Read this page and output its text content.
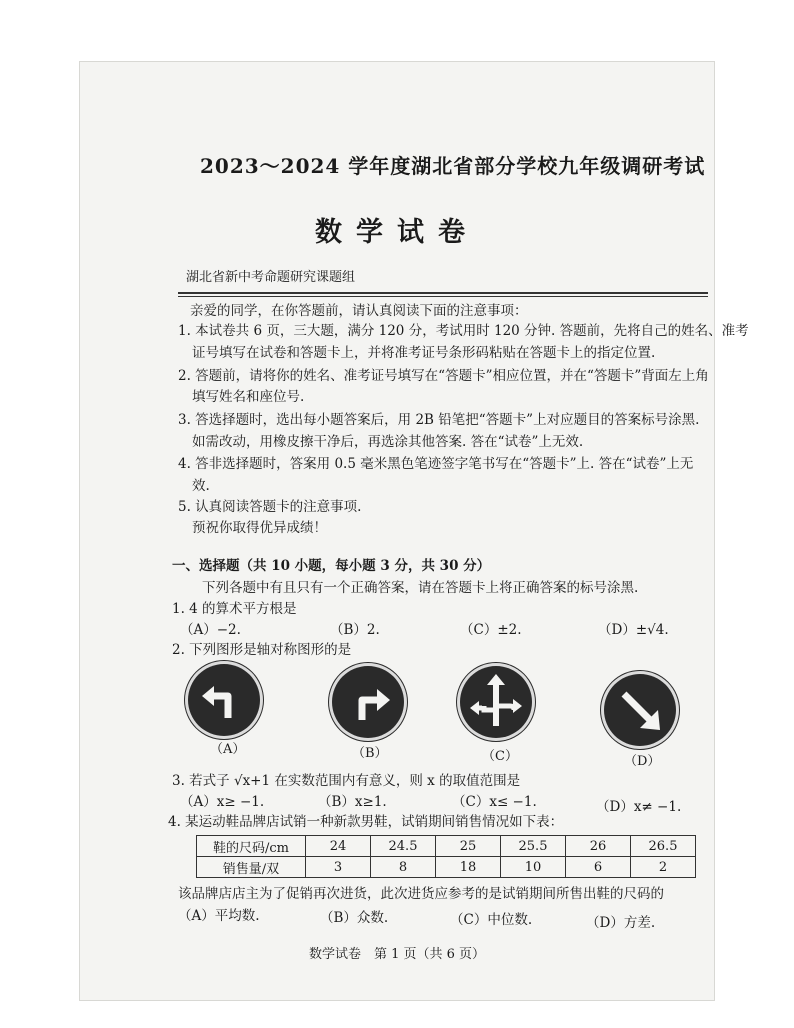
2023～2024 学年度湖北省部分学校九年级调研考试
数学试卷
湖北省新中考命题研究课题组
亲爱的同学，在你答题前，请认真阅读下面的注意事项：
1. 本试卷共 6 页，三大题，满分 120 分，考试用时 120 分钟. 答题前，先将自己的姓名、准考
证号填写在试卷和答题卡上，并将准考证号条形码粘贴在答题卡上的指定位置.
2. 答题前，请将你的姓名、准考证号填写在“答题卡”相应位置，并在“答题卡”背面左上角
填写姓名和座位号.
3. 答选择题时，选出每小题答案后，用 2B 铅笔把“答题卡”上对应题目的答案标号涂黑.
如需改动，用橡皮擦干净后，再选涂其他答案. 答在“试卷”上无效.
4. 答非选择题时，答案用 0.5 毫米黑色笔迹签字笔书写在“答题卡”上. 答在“试卷”上无
效.
5. 认真阅读答题卡的注意事项.
预祝你取得优异成绩！
一、选择题（共 10 小题，每小题 3 分，共 30 分）
下列各题中有且只有一个正确答案，请在答题卡上将正确答案的标号涂黑.
1. 4 的算术平方根是
（A）−2.	（B）2.	（C）±2.	（D）±√4.
2. 下列图形是轴对称图形的是
（A）	（B）	（C）	（D）
3. 若式子 √x+1 在实数范围内有意义，则 x 的取值范围是
（A）x≥ −1.	（B）x≥1.	（C）x≤ −1.	（D）x≠ −1.
4. 某运动鞋品牌店试销一种新款男鞋，试销期间销售情况如下表：
鞋的尺码/cm	24	24.5	25	25.5	26	26.5
销售量/双	3	8	18	10	6	2
该品牌店店主为了促销再次进货，此次进货应参考的是试销期间所售出鞋的尺码的
（A）平均数.	（B）众数.	（C）中位数.	（D）方差.
数学试卷　第 1 页（共 6 页）
